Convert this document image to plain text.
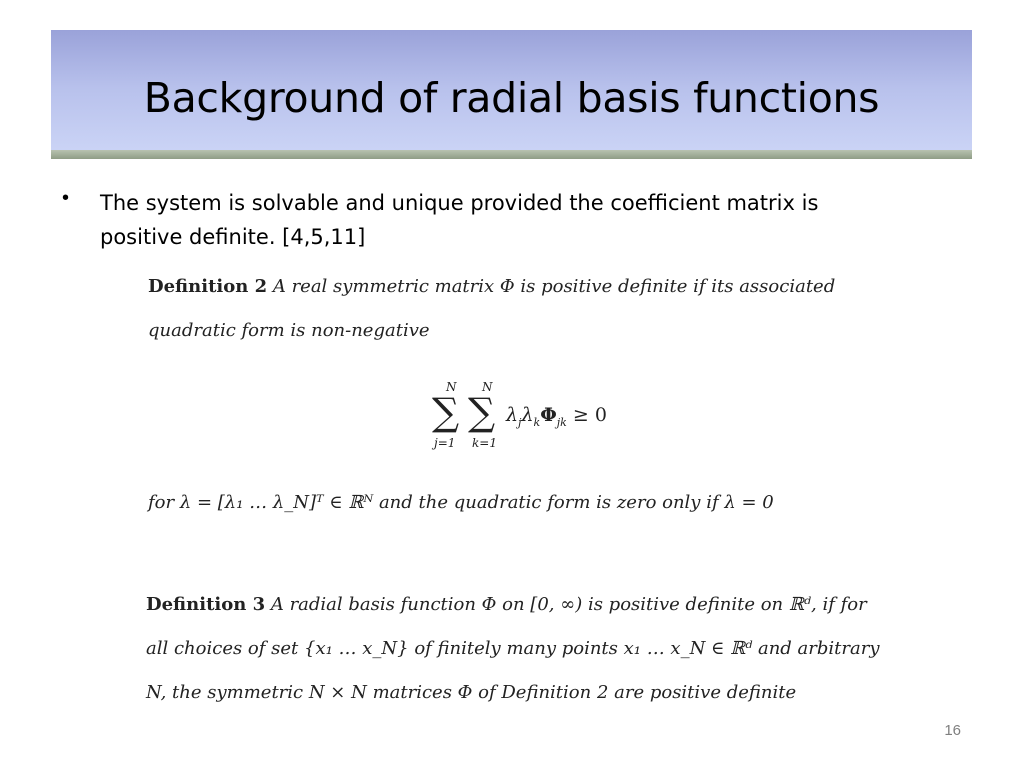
Background of radial basis functions
• The system is solvable and unique provided the coefficient matrix is positive definite. [4,5,11]
Definition 2 A real symmetric matrix Φ is positive definite if its associated
quadratic form is non-negative
N N
∑ ∑
j=1 k=1
$\lambda_j\lambda_k\Phi_{jk} \ge 0$
for λ = [λ₁ … λ_N]ᵀ ∈ ℝᴺ and the quadratic form is zero only if λ = 0
Definition 3 A radial basis function Φ on [0, ∞) is positive definite on ℝᵈ, if for
all choices of set {x₁ … x_N} of finitely many points x₁ … x_N ∈ ℝᵈ and arbitrary
N, the symmetric N × N matrices Φ of Definition 2 are positive definite
16
